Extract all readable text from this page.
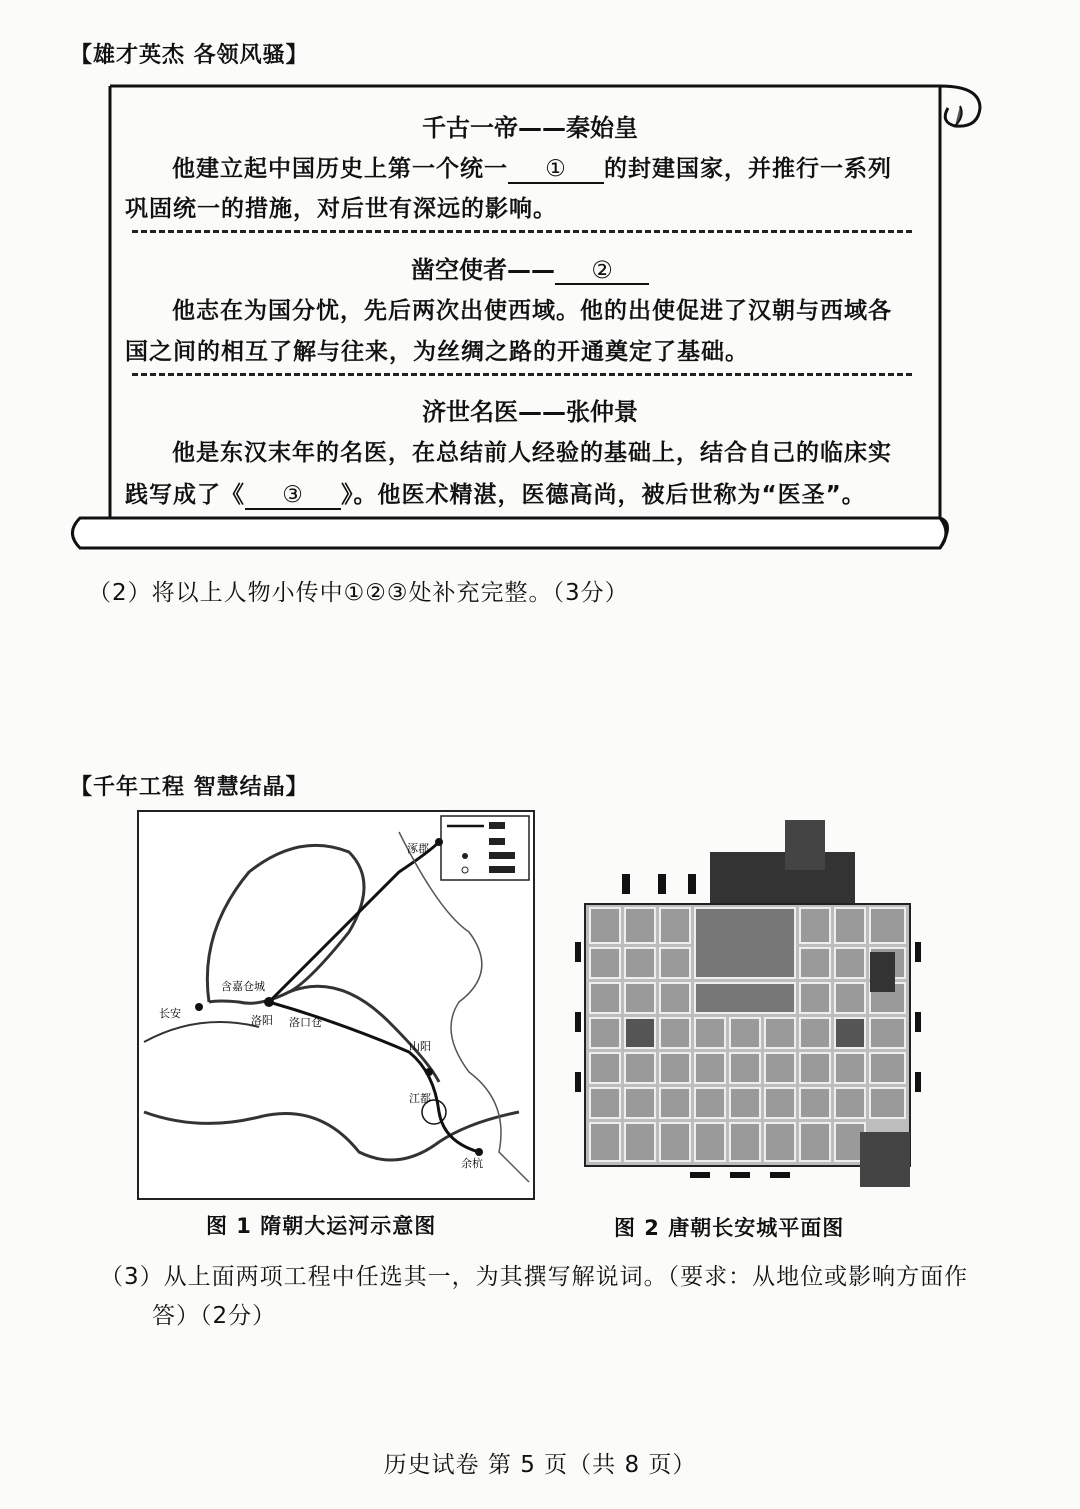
【雄才英杰 各领风骚】
千古一帝——秦始皇
他建立起中国历史上第一个统一 ① 的封建国家，并推行一系列
巩固统一的措施，对后世有深远的影响。
凿空使者—— ②
他志在为国分忧，先后两次出使西域。他的出使促进了汉朝与西域各
国之间的相互了解与往来，为丝绸之路的开通奠定了基础。
济世名医——张仲景
他是东汉末年的名医，在总结前人经验的基础上，结合自己的临床实
践写成了《 ③ 》。他医术精湛，医德高尚，被后世称为“医圣”。
（2）将以上人物小传中①②③处补充完整。（3分）
【千年工程 智慧结晶】
含嘉仓城
洛阳 洛口仓
长安
涿郡
山阳
江都
余杭
图 1 隋朝大运河示意图	图 2 唐朝长安城平面图
（3）从上面两项工程中任选其一，为其撰写解说词。（要求：从地位或影响方面作
答）（2分）
历史试卷 第 5 页（共 8 页）
